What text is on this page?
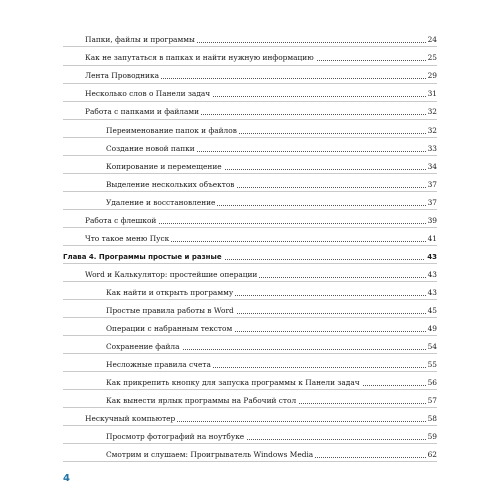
Папки, файлы и программы	24
Как не запутаться в папках и найти нужную информацию	25
Лента Проводника	29
Несколько слов о Панели задач	31
Работа с папками и файлами	32
Переименование папок и файлов	32
Создание новой папки	33
Копирование и перемещение	34
Выделение нескольких объектов	37
Удаление и восстановление	37
Работа с флешкой	39
Что такое меню Пуск	41
Глава 4. Программы простые и разные	43
Word и Калькулятор: простейшие операции	43
Как найти и открыть программу	43
Простые правила работы в Word	45
Операции с набранным текстом	49
Сохранение файла	54
Несложные правила счета	55
Как прикрепить кнопку для запуска программы к Панели задач	56
Как вынести ярлык программы на Рабочий стол	57
Нескучный компьютер	58
Просмотр фотографий на ноутбуке	59
Смотрим и слушаем: Проигрыватель Windows Media	62
4
